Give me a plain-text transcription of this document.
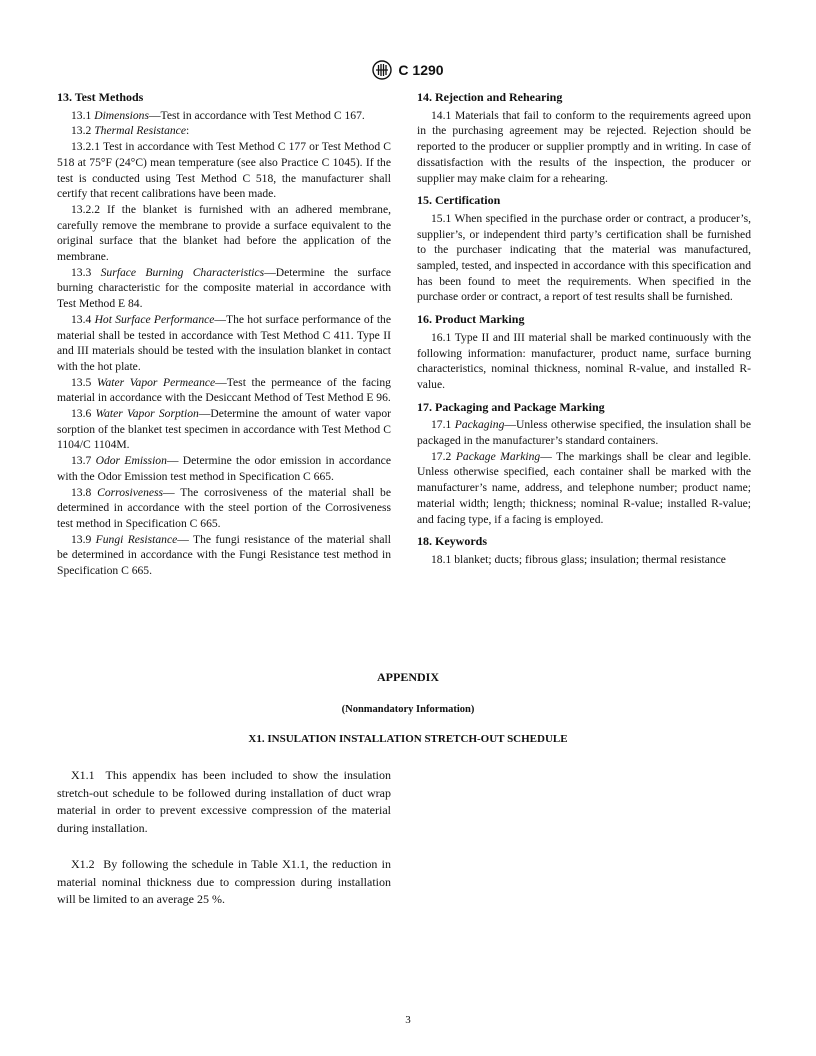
C 1290
13. Test Methods

13.1 Dimensions—Test in accordance with Test Method C 167.

13.2 Thermal Resistance:

13.2.1 Test in accordance with Test Method C 177 or Test Method C 518 at 75°F (24°C) mean temperature (see also Practice C 1045). If the test is conducted using Test Method C 518, the manufacturer shall certify that recent calibrations have been made.

13.2.2 If the blanket is furnished with an adhered membrane, carefully remove the membrane to provide a surface equivalent to the original surface that the blanket had before the application of the membrane.

13.3 Surface Burning Characteristics—Determine the surface burning characteristic for the composite material in accordance with Test Method E 84.

13.4 Hot Surface Performance—The hot surface performance of the material shall be tested in accordance with Test Method C 411. Type II and III materials should be tested with the insulation blanket in contact with the hot plate.

13.5 Water Vapor Permeance—Test the permeance of the facing material in accordance with the Desiccant Method of Test Method E 96.

13.6 Water Vapor Sorption—Determine the amount of water vapor sorption of the blanket test specimen in accordance with Test Method C 1104/C 1104M.

13.7 Odor Emission— Determine the odor emission in accordance with the Odor Emission test method in Specification C 665.

13.8 Corrosiveness— The corrosiveness of the material shall be determined in accordance with the steel portion of the Corrosiveness test method in Specification C 665.

13.9 Fungi Resistance— The fungi resistance of the material shall be determined in accordance with the Fungi Resistance test method in Specification C 665.

14. Rejection and Rehearing

14.1 Materials that fail to conform to the requirements agreed upon in the purchasing agreement may be rejected. Rejection should be reported to the producer or supplier promptly and in writing. In case of dissatisfaction with the results of the inspection, the producer or supplier may make claim for a rehearing.

15. Certification

15.1 When specified in the purchase order or contract, a producer’s, supplier’s, or independent third party’s certification shall be furnished to the purchaser indicating that the material was manufactured, sampled, tested, and inspected in accordance with this specification and has been found to meet the requirements. When specified in the purchase order or contract, a report of test results shall be furnished.

16. Product Marking

16.1 Type II and III material shall be marked continuously with the following information: manufacturer, product name, surface burning characteristics, nominal thickness, nominal R-value, and installed R-value.

17. Packaging and Package Marking

17.1 Packaging—Unless otherwise specified, the insulation shall be packaged in the manufacturer’s standard containers.

17.2 Package Marking— The markings shall be clear and legible. Unless otherwise specified, each container shall be marked with the manufacturer’s name, address, and telephone number; product name; material width; length; thickness; nominal R-value; installed R-value; and facing type, if a facing is employed.

18. Keywords

18.1 blanket; ducts; fibrous glass; insulation; thermal resistance

APPENDIX
(Nonmandatory Information)
X1. INSULATION INSTALLATION STRETCH-OUT SCHEDULE

X1.1 This appendix has been included to show the insulation stretch-out schedule to be followed during installation of duct wrap material in order to prevent excessive compression of the material during installation.

X1.2 By following the schedule in Table X1.1, the reduction in material nominal thickness due to compression during installation will be limited to an average 25 %.

3
